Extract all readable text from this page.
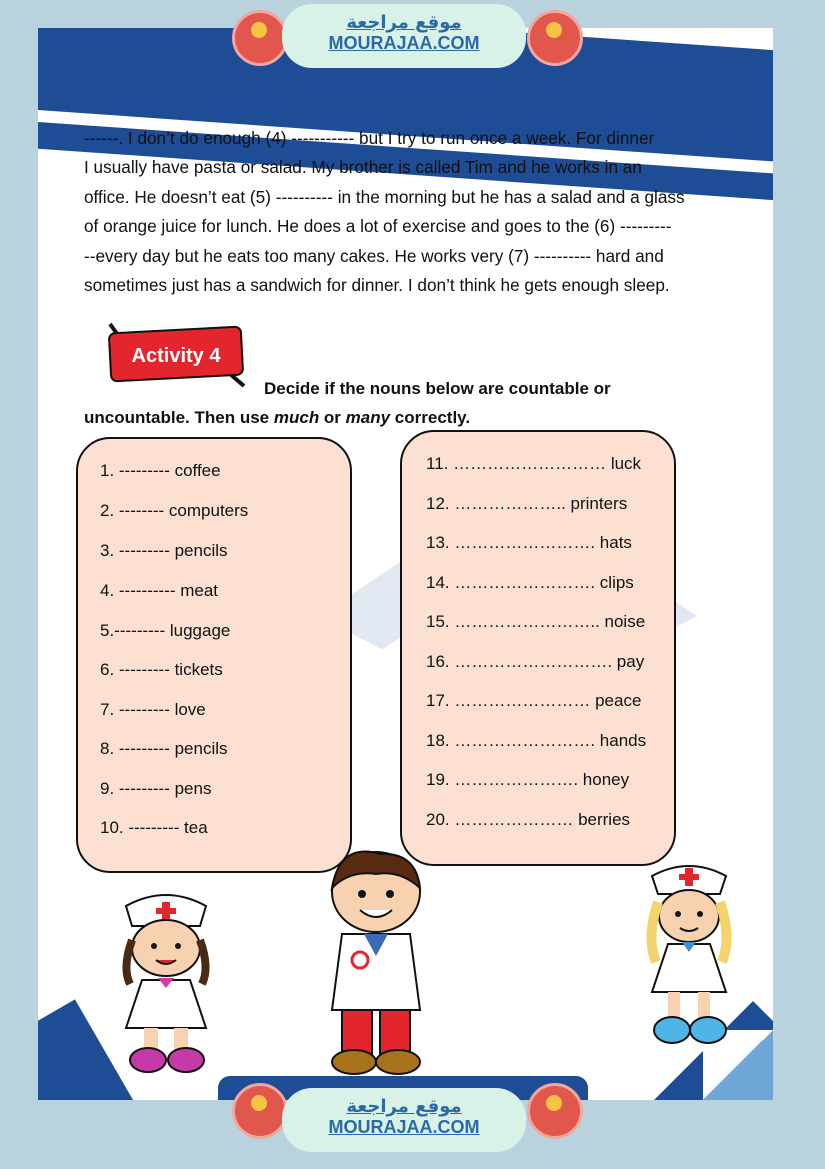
4
------. I don’t do enough (4) ----------- but I try to run once a week. For dinner
I usually have pasta or salad. My brother is called Tim and he works in an
office. He doesn’t eat (5) ---------- in the morning but he has a salad and a glass
of orange juice for lunch. He does a lot of exercise and goes to the (6) ---------
--every day but he eats too many cakes. He works very (7) ---------- hard and
sometimes just has a sandwich for dinner. I don’t think he gets enough sleep.
Activity 4
Decide if the nouns below are countable or
uncountable. Then use much or many correctly.
1. --------- coffee
2. -------- computers
3. --------- pencils
4. ---------- meat
5.--------- luggage
6. --------- tickets
7. --------- love
8. --------- pencils
9. --------- pens
10. --------- tea
11. ……………………… luck
12. ……………….. printers
13. ……………………. hats
14. ……………………. clips
15. …………………….. noise
16. ………………………. pay
17. …………………… peace
18. ……………………. hands
19. …………………. honey
20. ………………… berries
موقع مراجعة
MOURAJAA.COM
موقع مراجعة
MOURAJAA.COM
